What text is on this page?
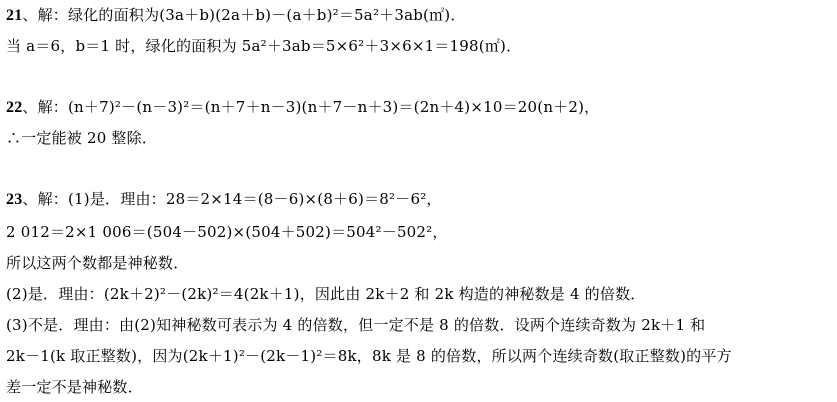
21、解：绿化的面积为(3a＋b)(2a＋b)－(a＋b)²＝5a²＋3ab(㎡)．
当 a＝6，b＝1 时，绿化的面积为 5a²＋3ab＝5×6²＋3×6×1＝198(㎡)．
22、解：(n＋7)²－(n－3)²＝(n＋7＋n－3)(n＋7－n＋3)＝(2n＋4)×10＝20(n＋2)，
∴一定能被 20 整除．
23、解：(1)是．理由：28＝2×14＝(8－6)×(8＋6)＝8²－6²，
2 012＝2×1 006＝(504－502)×(504＋502)＝504²－502²，
所以这两个数都是神秘数．
(2)是．理由：(2k＋2)²－(2k)²＝4(2k＋1)，因此由 2k＋2 和 2k 构造的神秘数是 4 的倍数．
(3)不是．理由：由(2)知神秘数可表示为 4 的倍数，但一定不是 8 的倍数．设两个连续奇数为 2k＋1 和
2k－1(k 取正整数)，因为(2k＋1)²－(2k－1)²＝8k，8k 是 8 的倍数，所以两个连续奇数(取正整数)的平方
差一定不是神秘数．
